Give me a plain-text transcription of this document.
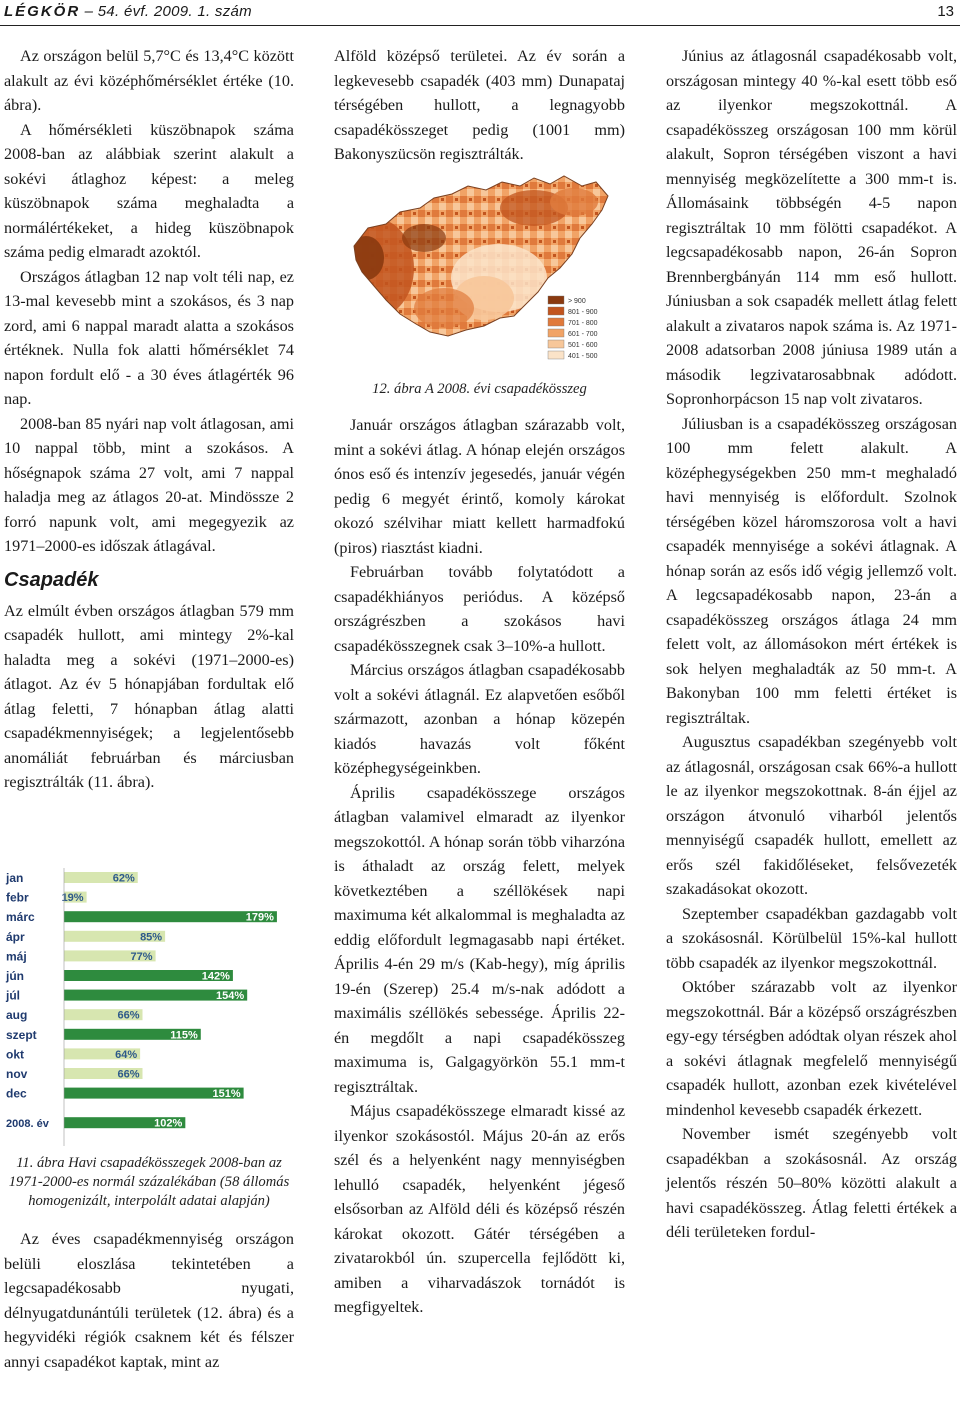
LÉGKÖR – 54. évf. 2009. 1. szám	13

Az országon belül 5,7°C és 13,4°C között alakult az évi középhőmérséklet értéke (10. ábra).

A hőmérsékleti küszöbnapok száma 2008-ban az alábbiak szerint alakult a sokévi átlaghoz képest: a meleg küszöbnapok száma meghaladta a normálértékeket, a hideg küszöbnapok száma pedig elmaradt azoktól.

Országos átlagban 12 nap volt téli nap, ez 13-mal kevesebb mint a szokásos, és 3 nap zord, ami 6 nappal maradt alatta a szokásos értéknek. Nulla fok alatti hőmérséklet 74 napon fordult elő - a 30 éves átlagérték 96 nap.

2008-ban 85 nyári nap volt átlagosan, ami 10 nappal több, mint a szokásos. A hőségnapok száma 27 volt, ami 7 nappal haladja meg az átlagos 20-at. Mindössze 2 forró napunk volt, ami megegyezik az 1971–2000-es időszak átlagával.

Csapadék

Az elmúlt évben országos átlagban 579 mm csapadék hullott, ami mintegy 2%-kal haladta meg a sokévi (1971–2000-es) átlagot. Az év 5 hónapjában fordultak elő átlag feletti, 7 hónapban átlag alatti csapadékmennyiségek; a legjelentősebb anomáliát februárban és márciusban regisztrálták (11. ábra).

jan	62%
febr	19%
márc	179%
ápr	85%
máj	77%
jún	142%
júl	154%
aug	66%
szept	115%
okt	64%
nov	66%
dec	151%
2008. év	102%
11. ábra Havi csapadékösszegek 2008-ban az 1971-2000-es normál százalékában (58 állomás homogenizált, interpolált adatai alapján)

Az éves csapadékmennyiség országon belüli eloszlása tekintetében a legcsapadékosabb nyugati, délnyugatdunántúli területek (12. ábra) és a hegyvidéki régiók csaknem két és félszer annyi csapadékot kaptak, mint az

Alföld középső területei. Az év során a legkevesebb csapadék (403 mm) Dunapataj térségében hullott, a legnagyobb csapadékösszeget pedig (1001 mm) Bakonyszücsön regisztrálták.

> 900
801 - 900
701 - 800
601 - 700
501 - 600
401 - 500
12. ábra A 2008. évi csapadékösszeg

Január országos átlagban szárazabb volt, mint a sokévi átlag. A hónap elején országos ónos eső és intenzív jegesedés, január végén pedig 6 megyét érintő, komoly károkat okozó szélvihar miatt kellett harmadfokú (piros) riasztást kiadni.

Februárban tovább folytatódott a csapadékhiányos periódus. A középső országrészben a szokásos havi csapadékösszegnek csak 3–10%-a hullott.

Március országos átlagban csapadékosabb volt a sokévi átlagnál. Ez alapvetően esőből származott, azonban a hónap közepén kiadós havazás volt főként középhegységeinkben.

Április csapadékösszege országos átlagban valamivel elmaradt az ilyenkor megszokottól. A hónap során több viharzóna is áthaladt az ország felett, melyek következtében a széllökések napi maximuma két alkalommal is meghaladta az eddig előfordult legmagasabb napi értéket. Április 4-én 29 m/s (Kab-hegy), míg április 19-én (Szerep) 25.4 m/s-nak adódott a maximális széllökés sebessége. Április 22-én megdőlt a napi csapadékösszeg maximuma is, Galgagyörkön 55.1 mm-t regisztráltak.

Május csapadékösszege elmaradt kissé az ilyenkor szokásostól. Május 20-án az erős szél és a helyenként nagy mennyiségben lehulló csapadék, helyenként jégeső elsősorban az Alföld déli és középső részén károkat okozott. Gátér térségében a zivatarokból ún. szupercella fejlődött ki, amiben a viharvadászok tornádót is megfigyeltek.

Június az átlagosnál csapadékosabb volt, országosan mintegy 40 %-kal esett több eső az ilyenkor megszokottnál. A csapadékösszeg országosan 100 mm körül alakult, Sopron térségében viszont a havi mennyiség megközelítette a 300 mm-t is. Állomásaink többségén 4-5 napon regisztráltak 10 mm fölötti csapadékot. A legcsapadékosabb napon, 26-án Sopron Brennbergbányán 114 mm eső hullott. Júniusban a sok csapadék mellett átlag felett alakult a zivataros napok száma is. Az 1971-2008 adatsorban 2008 júniusa 1989 után a második legzivatarosabbnak adódott. Sopronhorpácson 15 nap volt zivataros.

Júliusban is a csapadékösszeg országosan 100 mm felett alakult. A középhegységekben 250 mm-t meghaladó havi mennyiség is előfordult. Szolnok térségében közel háromszorosa volt a havi csapadék mennyisége a sokévi átlagnak. A hónap során az esős idő végig jellemző volt. A legcsapadékosabb napon, 23-án a csapadékösszeg országos átlaga 24 mm felett volt, az állomásokon mért értékek is sok helyen meghaladták az 50 mm-t. A Bakonyban 100 mm feletti értéket is regisztráltak.

Augusztus csapadékban szegényebb volt az átlagosnál, országosan csak 66%-a hullott le az ilyenkor megszokottnak. 8-án éjjel az országon átvonuló viharból jelentős mennyiségű csapadék hullott, emellett az erős szél fakidőléseket, felsővezeték szakadásokat okozott.

Szeptember csapadékban gazdagabb volt a szokásosnál. Körülbelül 15%-kal hullott több csapadék az ilyenkor megszokottnál.

Október szárazabb volt az ilyenkor megszokottnál. Bár a középső országrészben egy-egy térségben adódtak olyan részek ahol a sokévi átlagnak megfelelő mennyiségű csapadék hullott, azonban ezek kivételével mindenhol kevesebb csapadék érkezett.

November ismét szegényebb volt csapadékban a szokásosnál. Az ország jelentős részén 50–80% közötti alakult a havi csapadékösszeg. Átlag feletti értékek a déli területeken fordul-
